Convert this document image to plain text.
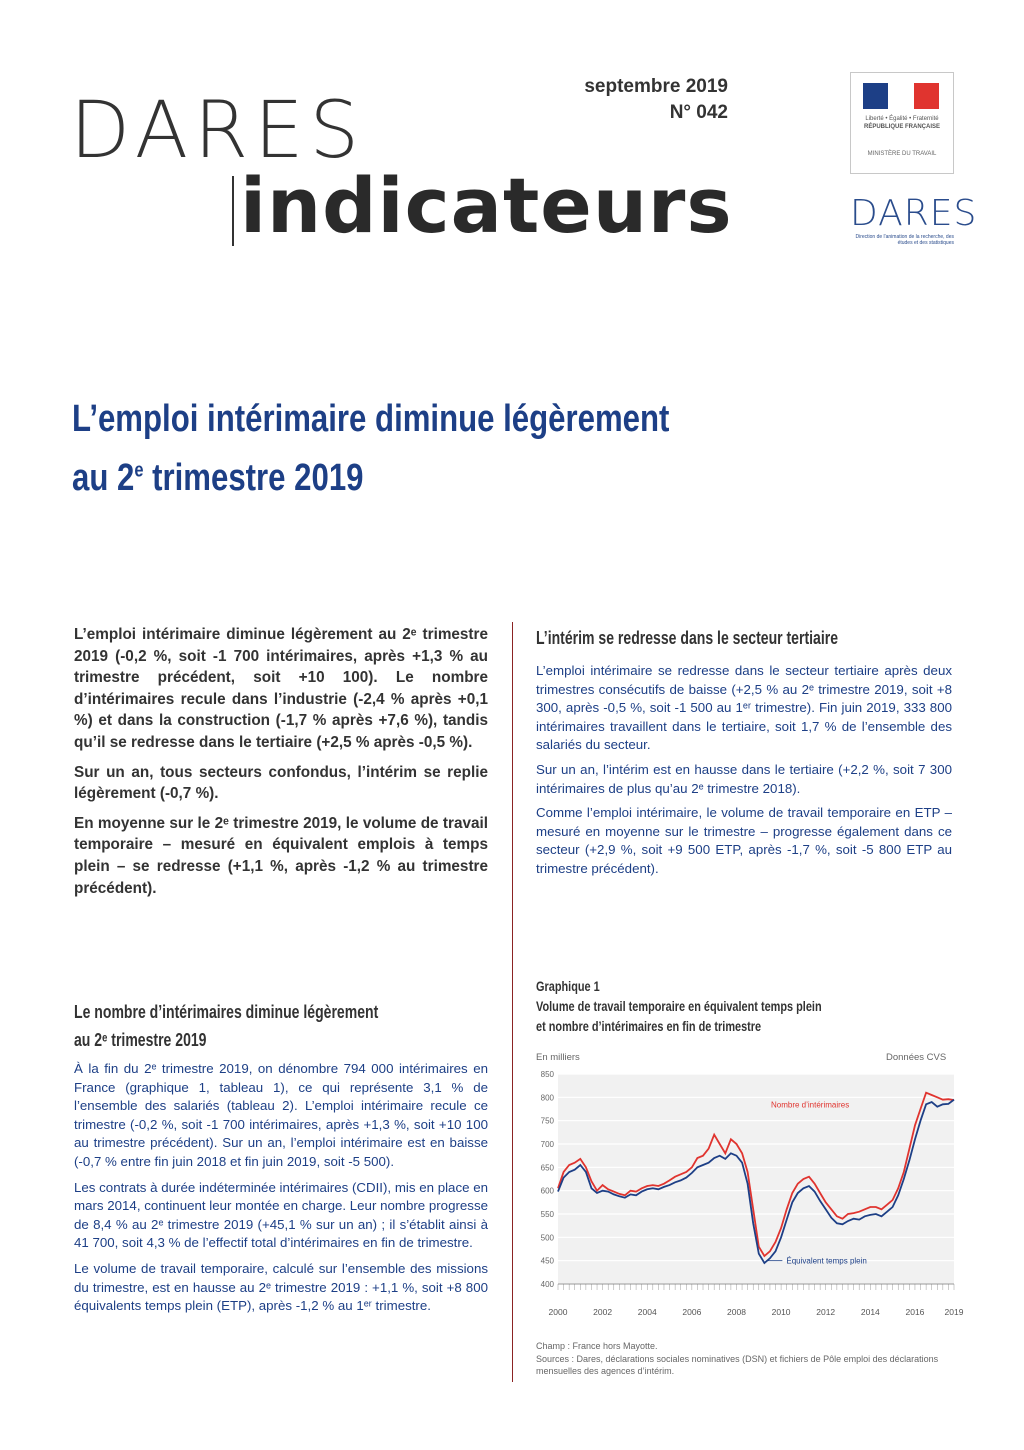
DARES
indicateurs
septembre 2019
N° 042	Liberté • Égalité • Fraternité
RÉPUBLIQUE FRANÇAISE
MINISTÈRE DU TRAVAIL
DARES
Direction de l'animation de la recherche, des études et des statistiques
L’emploi intérimaire diminue légèrement
au 2e trimestre 2019

L’emploi intérimaire diminue légèrement au 2ᵉ trimestre 2019 (-0,2 %, soit -1 700 intérimaires, après +1,3 % au trimestre précédent, soit +10 100). Le nombre d’intérimaires recule dans l’industrie (-2,4 % après +0,1 %) et dans la construction (-1,7 % après +7,6 %), tandis qu’il se redresse dans le tertiaire (+2,5 % après -0,5 %).

Sur un an, tous secteurs confondus, l’intérim se replie légèrement (-0,7 %).

En moyenne sur le 2ᵉ trimestre 2019, le volume de travail temporaire – mesuré en équivalent emplois à temps plein – se redresse (+1,1 %, après -1,2 % au trimestre précédent).

Le nombre d’intérimaires diminue légèrement
au 2ᵉ trimestre 2019

À la fin du 2ᵉ trimestre 2019, on dénombre 794 000 intérimaires en France (graphique 1, tableau 1), ce qui représente 3,1 % de l’ensemble des salariés (tableau 2). L’emploi intérimaire recule ce trimestre (-0,2 %, soit -1 700 intérimaires, après +1,3 %, soit +10 100 au trimestre précédent). Sur un an, l’emploi intérimaire est en baisse (-0,7 % entre fin juin 2018 et fin juin 2019, soit -5 500).

Les contrats à durée indéterminée intérimaires (CDII), mis en place en mars 2014, continuent leur montée en charge. Leur nombre progresse de 8,4 % au 2ᵉ trimestre 2019 (+45,1 % sur un an) ; il s’établit ainsi à 41 700, soit 4,3 % de l’effectif total d’intérimaires en fin de trimestre.

Le volume de travail temporaire, calculé sur l’ensemble des missions du trimestre, est en hausse au 2ᵉ trimestre 2019 : +1,1 %, soit +8 800 équivalents temps plein (ETP), après -1,2 % au 1ᵉʳ trimestre.

L’intérim se redresse dans le secteur tertiaire

L’emploi intérimaire se redresse dans le secteur tertiaire après deux trimestres consécutifs de baisse (+2,5 % au 2ᵉ trimestre 2019, soit +8 300, après -0,5 %, soit -1 500 au 1ᵉʳ trimestre). Fin juin 2019, 333 800 intérimaires travaillent dans le tertiaire, soit 1,7 % de l’ensemble des salariés du secteur.

Sur un an, l’intérim est en hausse dans le tertiaire (+2,2 %, soit 7 300 intérimaires de plus qu’au 2ᵉ trimestre 2018).

Comme l’emploi intérimaire, le volume de travail temporaire en ETP – mesuré en moyenne sur le trimestre – progresse également dans ce secteur (+2,9 %, soit +9 500 ETP, après -1,7 %, soit -5 800 ETP au trimestre précédent).

Graphique 1
Volume de travail temporaire en équivalent temps plein
et nombre d’intérimaires en fin de trimestre
En milliers	Données CVS
400
450
500
550
600
650
700
750
800
850
2000	2002	2004	2006	2008	2010	2012	2014	2016 2019
Nombre d’intérimaires
Équivalent temps plein
Champ : France hors Mayotte.
Sources : Dares, déclarations sociales nominatives (DSN) et fichiers de Pôle emploi des déclarations mensuelles des agences d’intérim.
